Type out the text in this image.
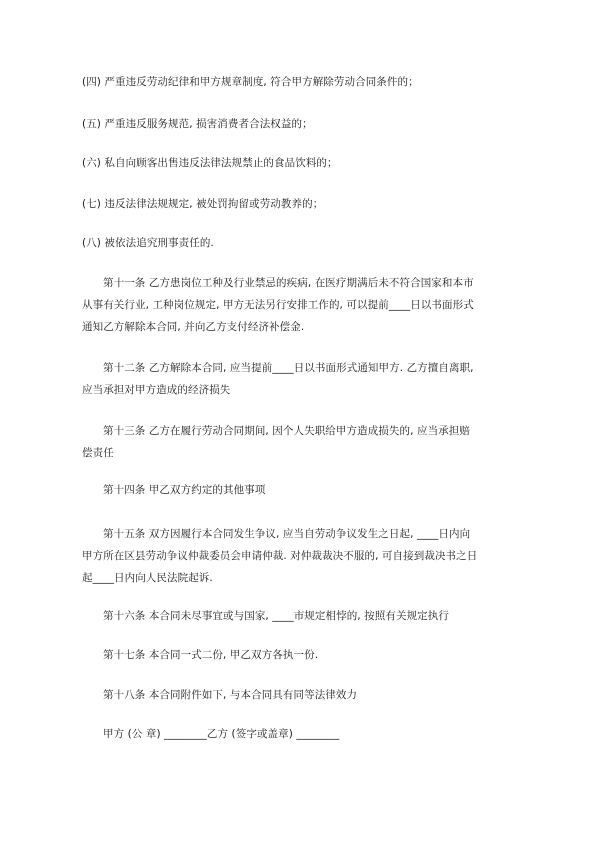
(四) 严重违反劳动纪律和甲方规章制度, 符合甲方解除劳动合同条件的；
(五) 严重违反服务规范, 损害消费者合法权益的；
(六) 私自向顾客出售违反法律法规禁止的食品饮料的；
(七) 违反法律法规规定, 被处罚拘留或劳动教养的；
(八) 被依法追究刑事责任的.
第十一条 乙方患岗位工种及行业禁忌的疾病, 在医疗期满后未不符合国家和本市
从事有关行业, 工种岗位规定, 甲方无法另行安排工作的, 可以提前____日以书面形式
通知乙方解除本合同, 并向乙方支付经济补偿金.
第十二条 乙方解除本合同, 应当提前____日以书面形式通知甲方. 乙方擅自离职,
应当承担对甲方造成的经济损失
第十三条 乙方在履行劳动合同期间, 因个人失职给甲方造成损失的, 应当承担赔
偿责任
第十四条 甲乙双方约定的其他事项
第十五条 双方因履行本合同发生争议, 应当自劳动争议发生之日起, ____日内向
甲方所在区县劳动争议仲裁委员会申请仲裁. 对仲裁裁决不服的, 可自接到裁决书之日
起____日内向人民法院起诉.
第十六条 本合同未尽事宜或与国家, ____市规定相悖的, 按照有关规定执行
第十七条 本合同一式二份, 甲乙双方各执一份.
第十八条 本合同附件如下, 与本合同具有同等法律效力
甲方 (公 章) ________乙方 (签字或盖章) ________
